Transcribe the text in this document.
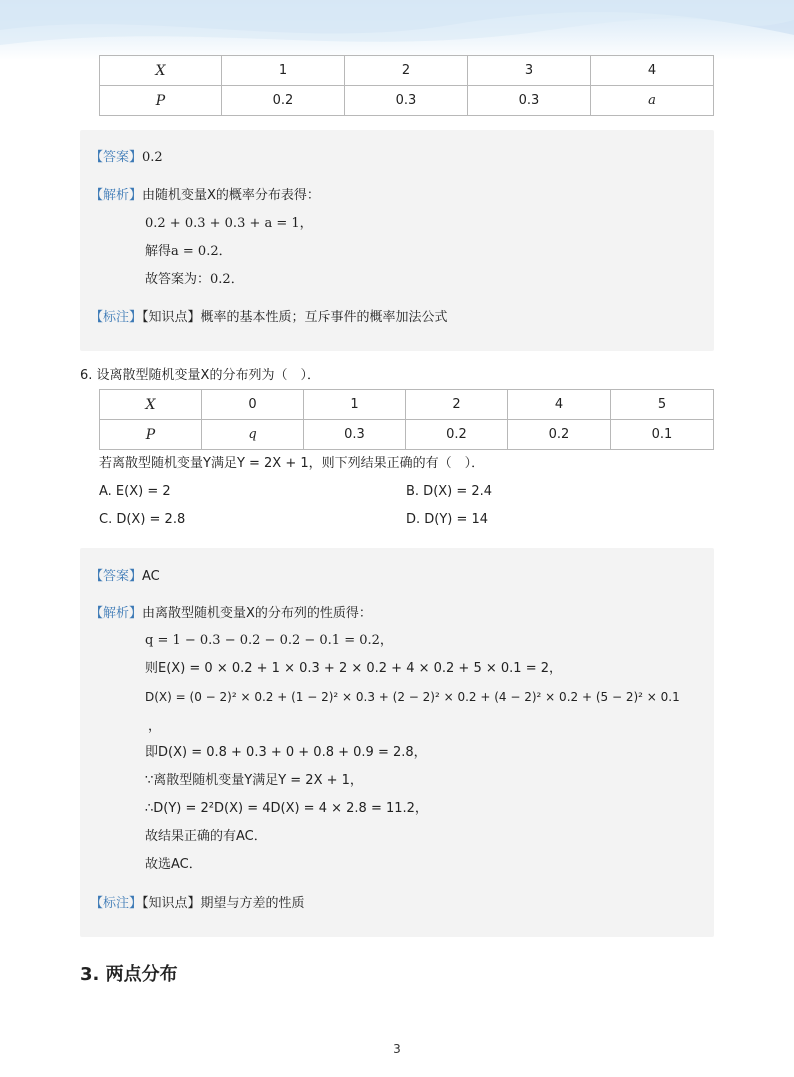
X	1	2	3	4
P	0.2	0.3	0.3	a
【答案】0.2
【解析】由随机变量X的概率分布表得：
0.2 + 0.3 + 0.3 + a = 1，
解得a = 0.2．
故答案为：0.2．
【标注】【知识点】概率的基本性质；互斥事件的概率加法公式
6. 设离散型随机变量X的分布列为（　）．
X	0	1	2	4	5
P	q	0.3	0.2	0.2	0.1
若离散型随机变量Y满足Y = 2X + 1，则下列结果正确的有（　）．
A. E(X) = 2	B. D(X) = 2.4
C. D(X) = 2.8	D. D(Y) = 14
【答案】AC
【解析】由离散型随机变量X的分布列的性质得：
q = 1 − 0.3 − 0.2 − 0.2 − 0.1 = 0.2，
则E(X) = 0 × 0.2 + 1 × 0.3 + 2 × 0.2 + 4 × 0.2 + 5 × 0.1 = 2，
D(X) = (0 − 2)² × 0.2 + (1 − 2)² × 0.3 + (2 − 2)² × 0.2 + (4 − 2)² × 0.2 + (5 − 2)² × 0.1
，
即D(X) = 0.8 + 0.3 + 0 + 0.8 + 0.9 = 2.8，
∵离散型随机变量Y满足Y = 2X + 1，
∴D(Y) = 2²D(X) = 4D(X) = 4 × 2.8 = 11.2，
故结果正确的有AC．
故选AC．
【标注】【知识点】期望与方差的性质
3. 两点分布
3
